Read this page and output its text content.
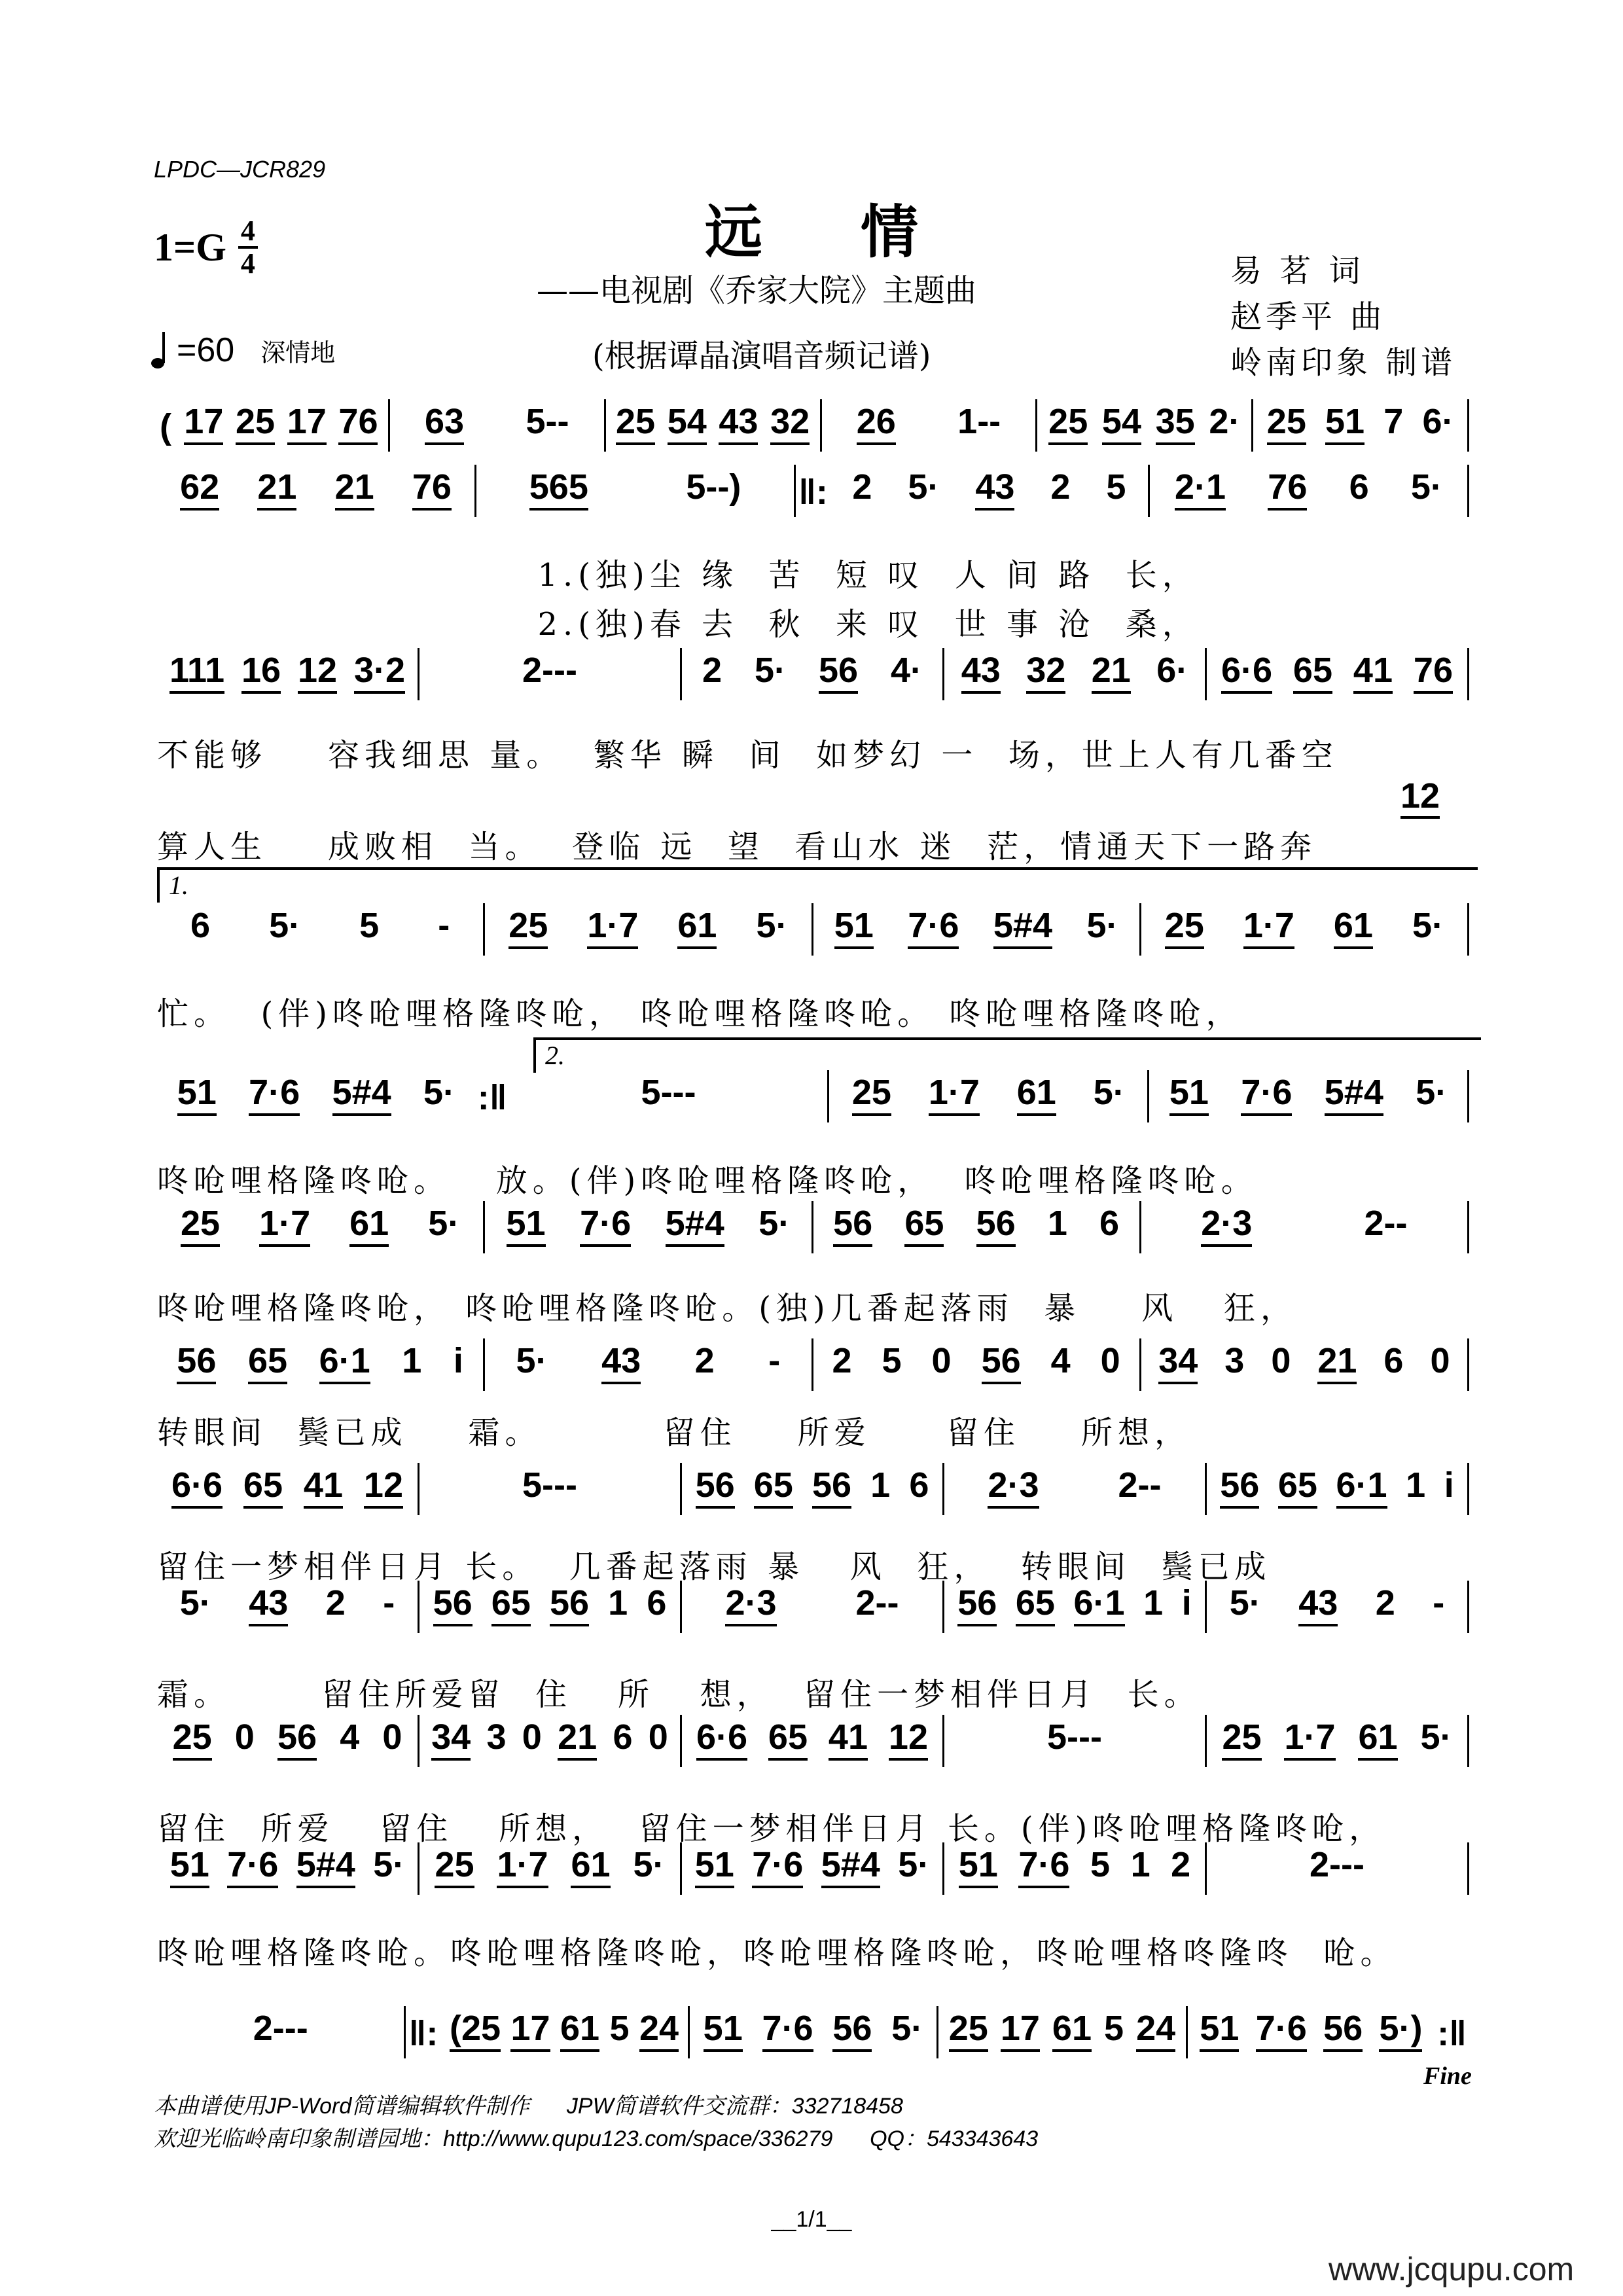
LPDC—JCR829
$1=G \frac{4}{4}$
=60 深情地
远情
——电视剧《乔家大院》主题曲
(根据谭晶演唱音频记谱)
易 茗 词
赵季平 曲
岭南印象 制谱
( 17 25 17 76 63 5-- 25 54 43 32 26 1-- 25 54 35 2· 25 51 7 6·
62 21 21 76 565	5--) ‖: 2 5· 43 2 5 2·1 76 6 5·
111 16 12 3·2	2---	2 5· 56 4· 43 32 21 6· 6·6 65 41 76
6 5· 5 - 25 1·7 61 5· 51 7·6 5#4 5· 25 1·7 61 5·
51 7·6 5#4 5· :‖	5---	25 1·7 61 5· 51 7·6 5#4 5·
25 1·7 61 5· 51 7·6 5#4 5· 56 65 56 1 6 2·3	2--
56 65 6·1 1 i 5· 43 2 - 2 5 0 56 4 0 34 3 0 21 6 0
6·6 65 41 12	5---	56 65 56 1 6 2·3 2-- 56 65 6·1 1 i
5· 43 2 - 56 65 56 1 6 2·3 2-- 56 65 6·1 1 i 5· 43 2 -
25 0 56 4 0 34 3 0 21 6 0 6·6 65 41 12	5---	25 1·7 61 5·
51 7·6 5#4 5· 25 1·7 61 5· 51 7·6 5#4 5· 51 7·6 5 1 2	2---
2---	‖: (25 17 61 5 24 51 7·6 56 5· 25 17 61 5 24 51 7·6 56 5·) :‖
1.(独)尘 缘  苦  短 叹  人 间 路  长，
2.(独)春 去  秋  来 叹  世 事 沧  桑，
不能够    容我细思 量。  繁华 瞬  间  如梦幻 一  场，世上人有几番空
算人生    成败相  当。  登临 远  望  看山水 迷  茫，情通天下一路奔
忙。  (伴)咚呛哩格隆咚呛， 咚呛哩格隆咚呛。 咚呛哩格隆咚呛，
咚呛哩格隆咚呛。   放。(伴)咚呛哩格隆咚呛，  咚呛哩格隆咚呛。
咚呛哩格隆咚呛， 咚呛哩格隆咚呛。(独)几番起落雨  暴    风   狂，
转眼间  鬓已成    霜。        留住    所爱     留住    所想，
留住一梦相伴日月 长。  几番起落雨 暴   风  狂，  转眼间  鬓已成
霜。      留住所爱留  住   所   想，  留住一梦相伴日月  长。
留住  所爱   留住   所想，  留住一梦相伴日月 长。(伴)咚呛哩格隆咚呛，
咚呛哩格隆咚呛。咚呛哩格隆咚呛，咚呛哩格隆咚呛，咚呛哩格咚隆咚  呛。
12
1.
2.
Fine
本曲谱使用JP-Word简谱编辑软件制作      JPW简谱软件交流群：332718458
欢迎光临岭南印象制谱园地：http://www.qupu123.com/space/336279      QQ：543343643
__1/1__
www.jcqupu.com
